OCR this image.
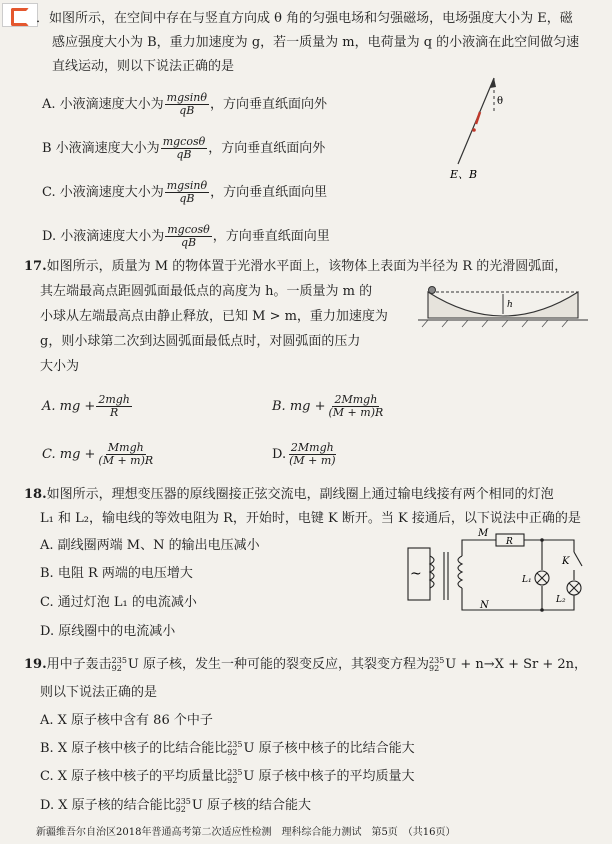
．如图所示，在空间中存在与竖直方向成 θ 角的匀强电场和匀强磁场，电场强度大小为 E，磁
感应强度大小为 B，重力加速度为 g，若一质量为 m，电荷量为 q 的小液滴在此空间做匀速
直线运动，则以下说法正确的是
A. 小液滴速度大小为 $\frac{mgsin\theta}{qB}$ ，方向垂直纸面向外
B 小液滴速度大小为 $\frac{mgcos\theta}{qB}$ ，方向垂直纸面向外
C. 小液滴速度大小为 $\frac{mgsin\theta}{qB}$ ，方向垂直纸面向里
D. 小液滴速度大小为 $\frac{mgcos\theta}{qB}$ ，方向垂直纸面向里
θ
E、B
17.如图所示，质量为 M 的物体置于光滑水平面上，该物体上表面为半径为 R 的光滑圆弧面，
其左端最高点距圆弧面最低点的高度为 h。一质量为 m 的
小球从左端最高点由静止释放，已知 M > m，重力加速度为
g，则小球第二次到达圆弧面最低点时，对圆弧面的压力
大小为
h
A. mg + $\frac{\text{2mgh}}{R}$	B. mg + $\frac{\text{2Mmgh}}{(M + m)R}$
C. mg + $\frac{\text{Mmgh}}{(M + m)R}$	D. $\frac{\text{2Mmgh}}{(M + m)}$
18.如图所示，理想变压器的原线圈接正弦交流电，副线圈上通过输电线接有两个相同的灯泡
L₁ 和 L₂，输电线的等效电阻为 R，开始时，电键 K 断开。当 K 接通后，以下说法中正确的是
A. 副线圈两端 M、N 的输出电压减小
B. 电阻 R 两端的电压增大
C. 通过灯泡 L₁ 的电流减小
D. 原线圈中的电流减小
~
M
N
R
K
L₁
L₂
19.用中子轰击 235
92 U 原子核，发生一种可能的裂变反应，其裂变方程为 235
92 U + n→X + Sr + 2n，
则以下说法正确的是
A. X 原子核中含有 86 个中子
B. X 原子核中核子的比结合能比 235
92 U 原子核中核子的比结合能大
C. X 原子核中核子的平均质量比 235
92 U 原子核中核子的平均质量大
D. X 原子核的结合能比 235
92 U 原子核的结合能大
新疆维吾尔自治区2018年普通高考第二次适应性检测　理科综合能力测试　第5页　（共16页）
